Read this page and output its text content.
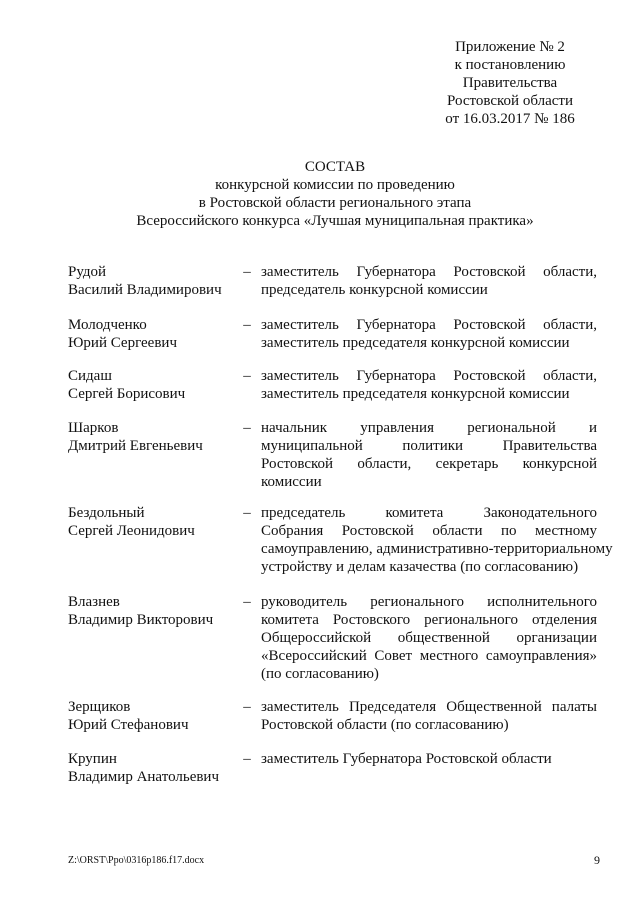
Приложение № 2
к постановлению
Правительства
Ростовской области
от 16.03.2017 № 186
СОСТАВ
конкурсной комиссии по проведению
в Ростовской области регионального этапа
Всероссийского конкурса «Лучшая муниципальная практика»
Рудой
Василий Владимирович
– заместитель Губернатора Ростовской области,
председатель конкурсной комиссии
Молодченко
Юрий Сергеевич
– заместитель Губернатора Ростовской области,
заместитель председателя конкурсной комиссии
Сидаш
Сергей Борисович
– заместитель Губернатора Ростовской области,
заместитель председателя конкурсной комиссии
Шарков
Дмитрий Евгеньевич
– начальник управления региональной и
муниципальной политики Правительства
Ростовской области, секретарь конкурсной
комиссии
Бездольный
Сергей Леонидович
– председатель комитета Законодательного
Собрания Ростовской области по местному
самоуправлению, административно-территориальному
устройству и делам казачества (по согласованию)
Влазнев
Владимир Викторович
– руководитель регионального исполнительного
комитета Ростовского регионального отделения
Общероссийской общественной организации
«Всероссийский Совет местного самоуправления»
(по согласованию)
Зерщиков
Юрий Стефанович
– заместитель Председателя Общественной палаты
Ростовской области (по согласованию)
Крупин
Владимир Анатольевич
– заместитель Губернатора Ростовской области
Z:\ORST\Ppo\0316p186.f17.docx	9
